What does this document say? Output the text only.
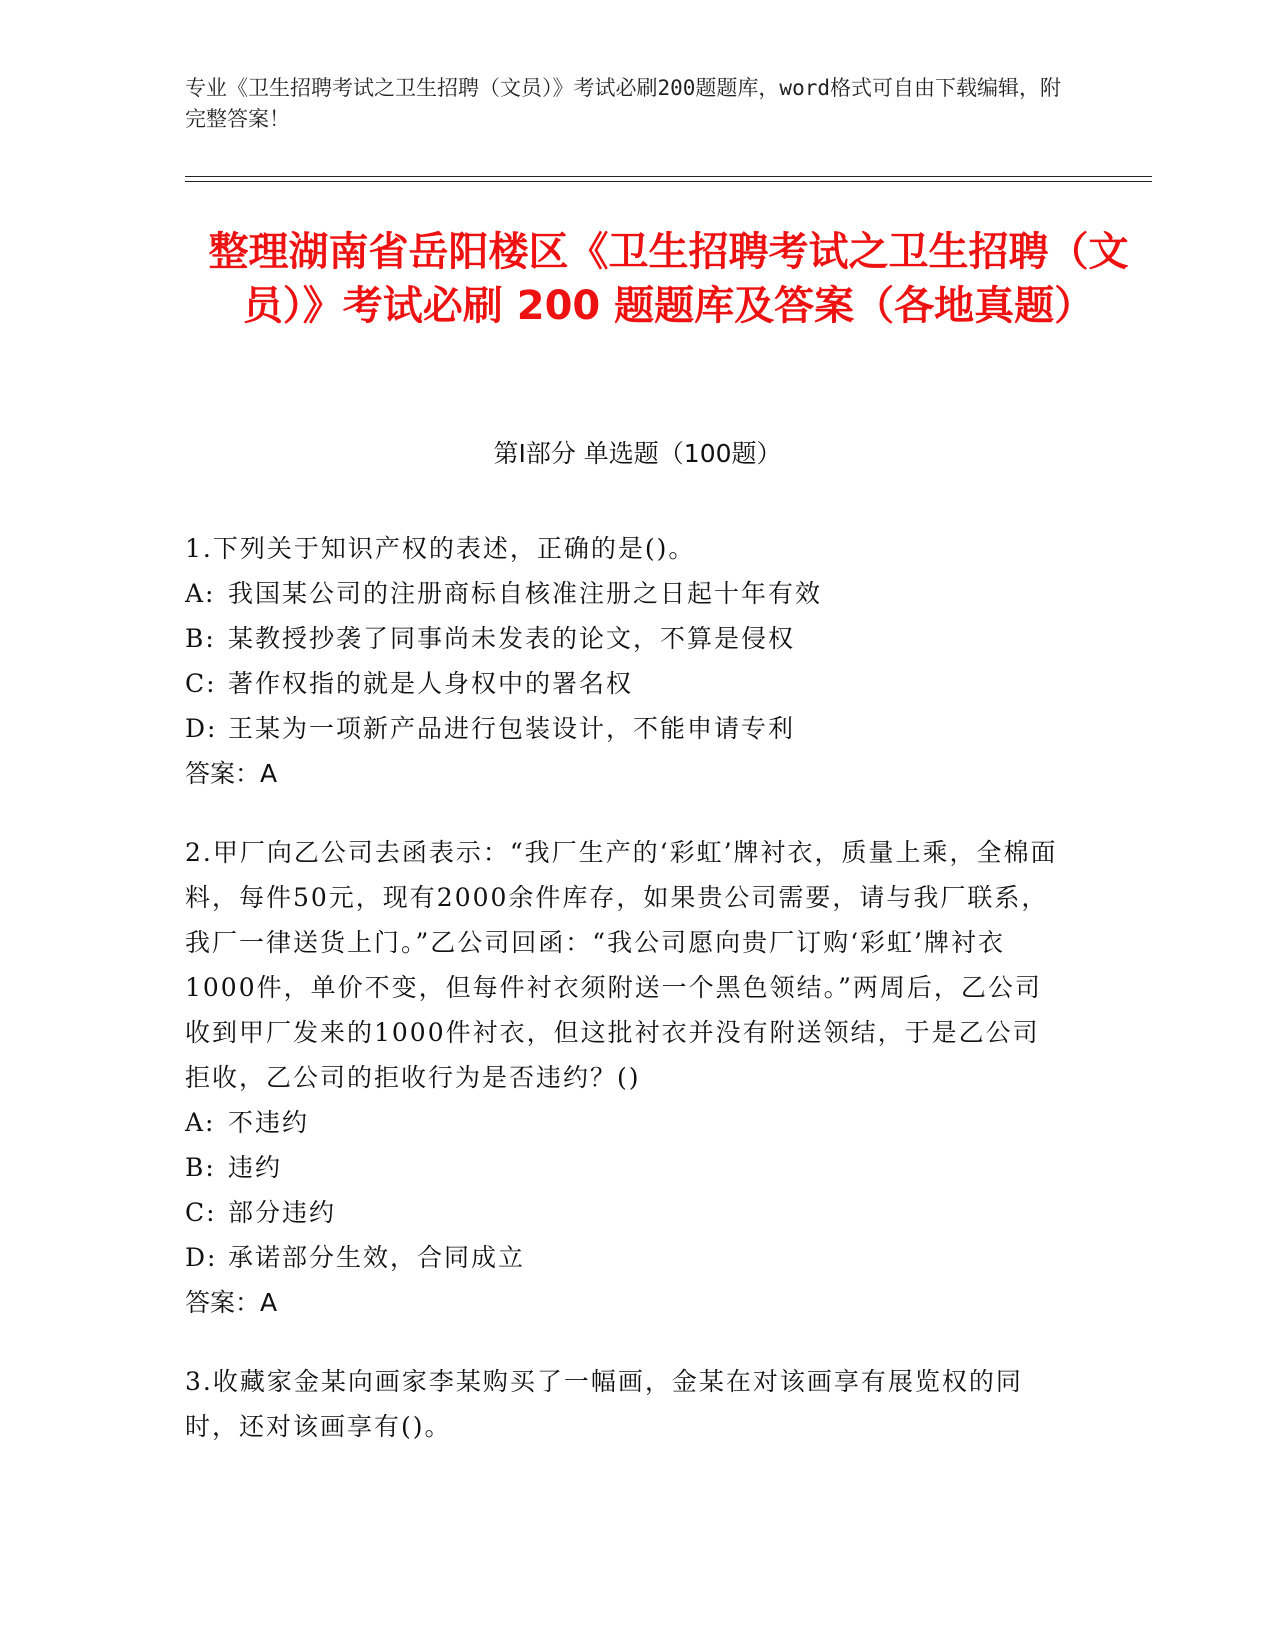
专业《卫生招聘考试之卫生招聘（文员）》考试必刷200题题库，word格式可自由下载编辑，附完整答案！
整理湖南省岳阳楼区《卫生招聘考试之卫生招聘（文员）》考试必刷 200 题题库及答案（各地真题）
第Ⅰ部分 单选题（100题）
1.下列关于知识产权的表述，正确的是()。
A: 我国某公司的注册商标自核准注册之日起十年有效
B: 某教授抄袭了同事尚未发表的论文，不算是侵权
C: 著作权指的就是人身权中的署名权
D: 王某为一项新产品进行包装设计，不能申请专利
答案：A
2.甲厂向乙公司去函表示：“我厂生产的‘彩虹’牌衬衣，质量上乘，全棉面料，每件50元，现有2000余件库存，如果贵公司需要，请与我厂联系，我厂一律送货上门。”乙公司回函：“我公司愿向贵厂订购‘彩虹’牌衬衣1000件，单价不变，但每件衬衣须附送一个黑色领结。”两周后，乙公司收到甲厂发来的1000件衬衣，但这批衬衣并没有附送领结，于是乙公司拒收，乙公司的拒收行为是否违约？()
A: 不违约
B: 违约
C: 部分违约
D: 承诺部分生效，合同成立
答案：A
3.收藏家金某向画家李某购买了一幅画，金某在对该画享有展览权的同时，还对该画享有()。
